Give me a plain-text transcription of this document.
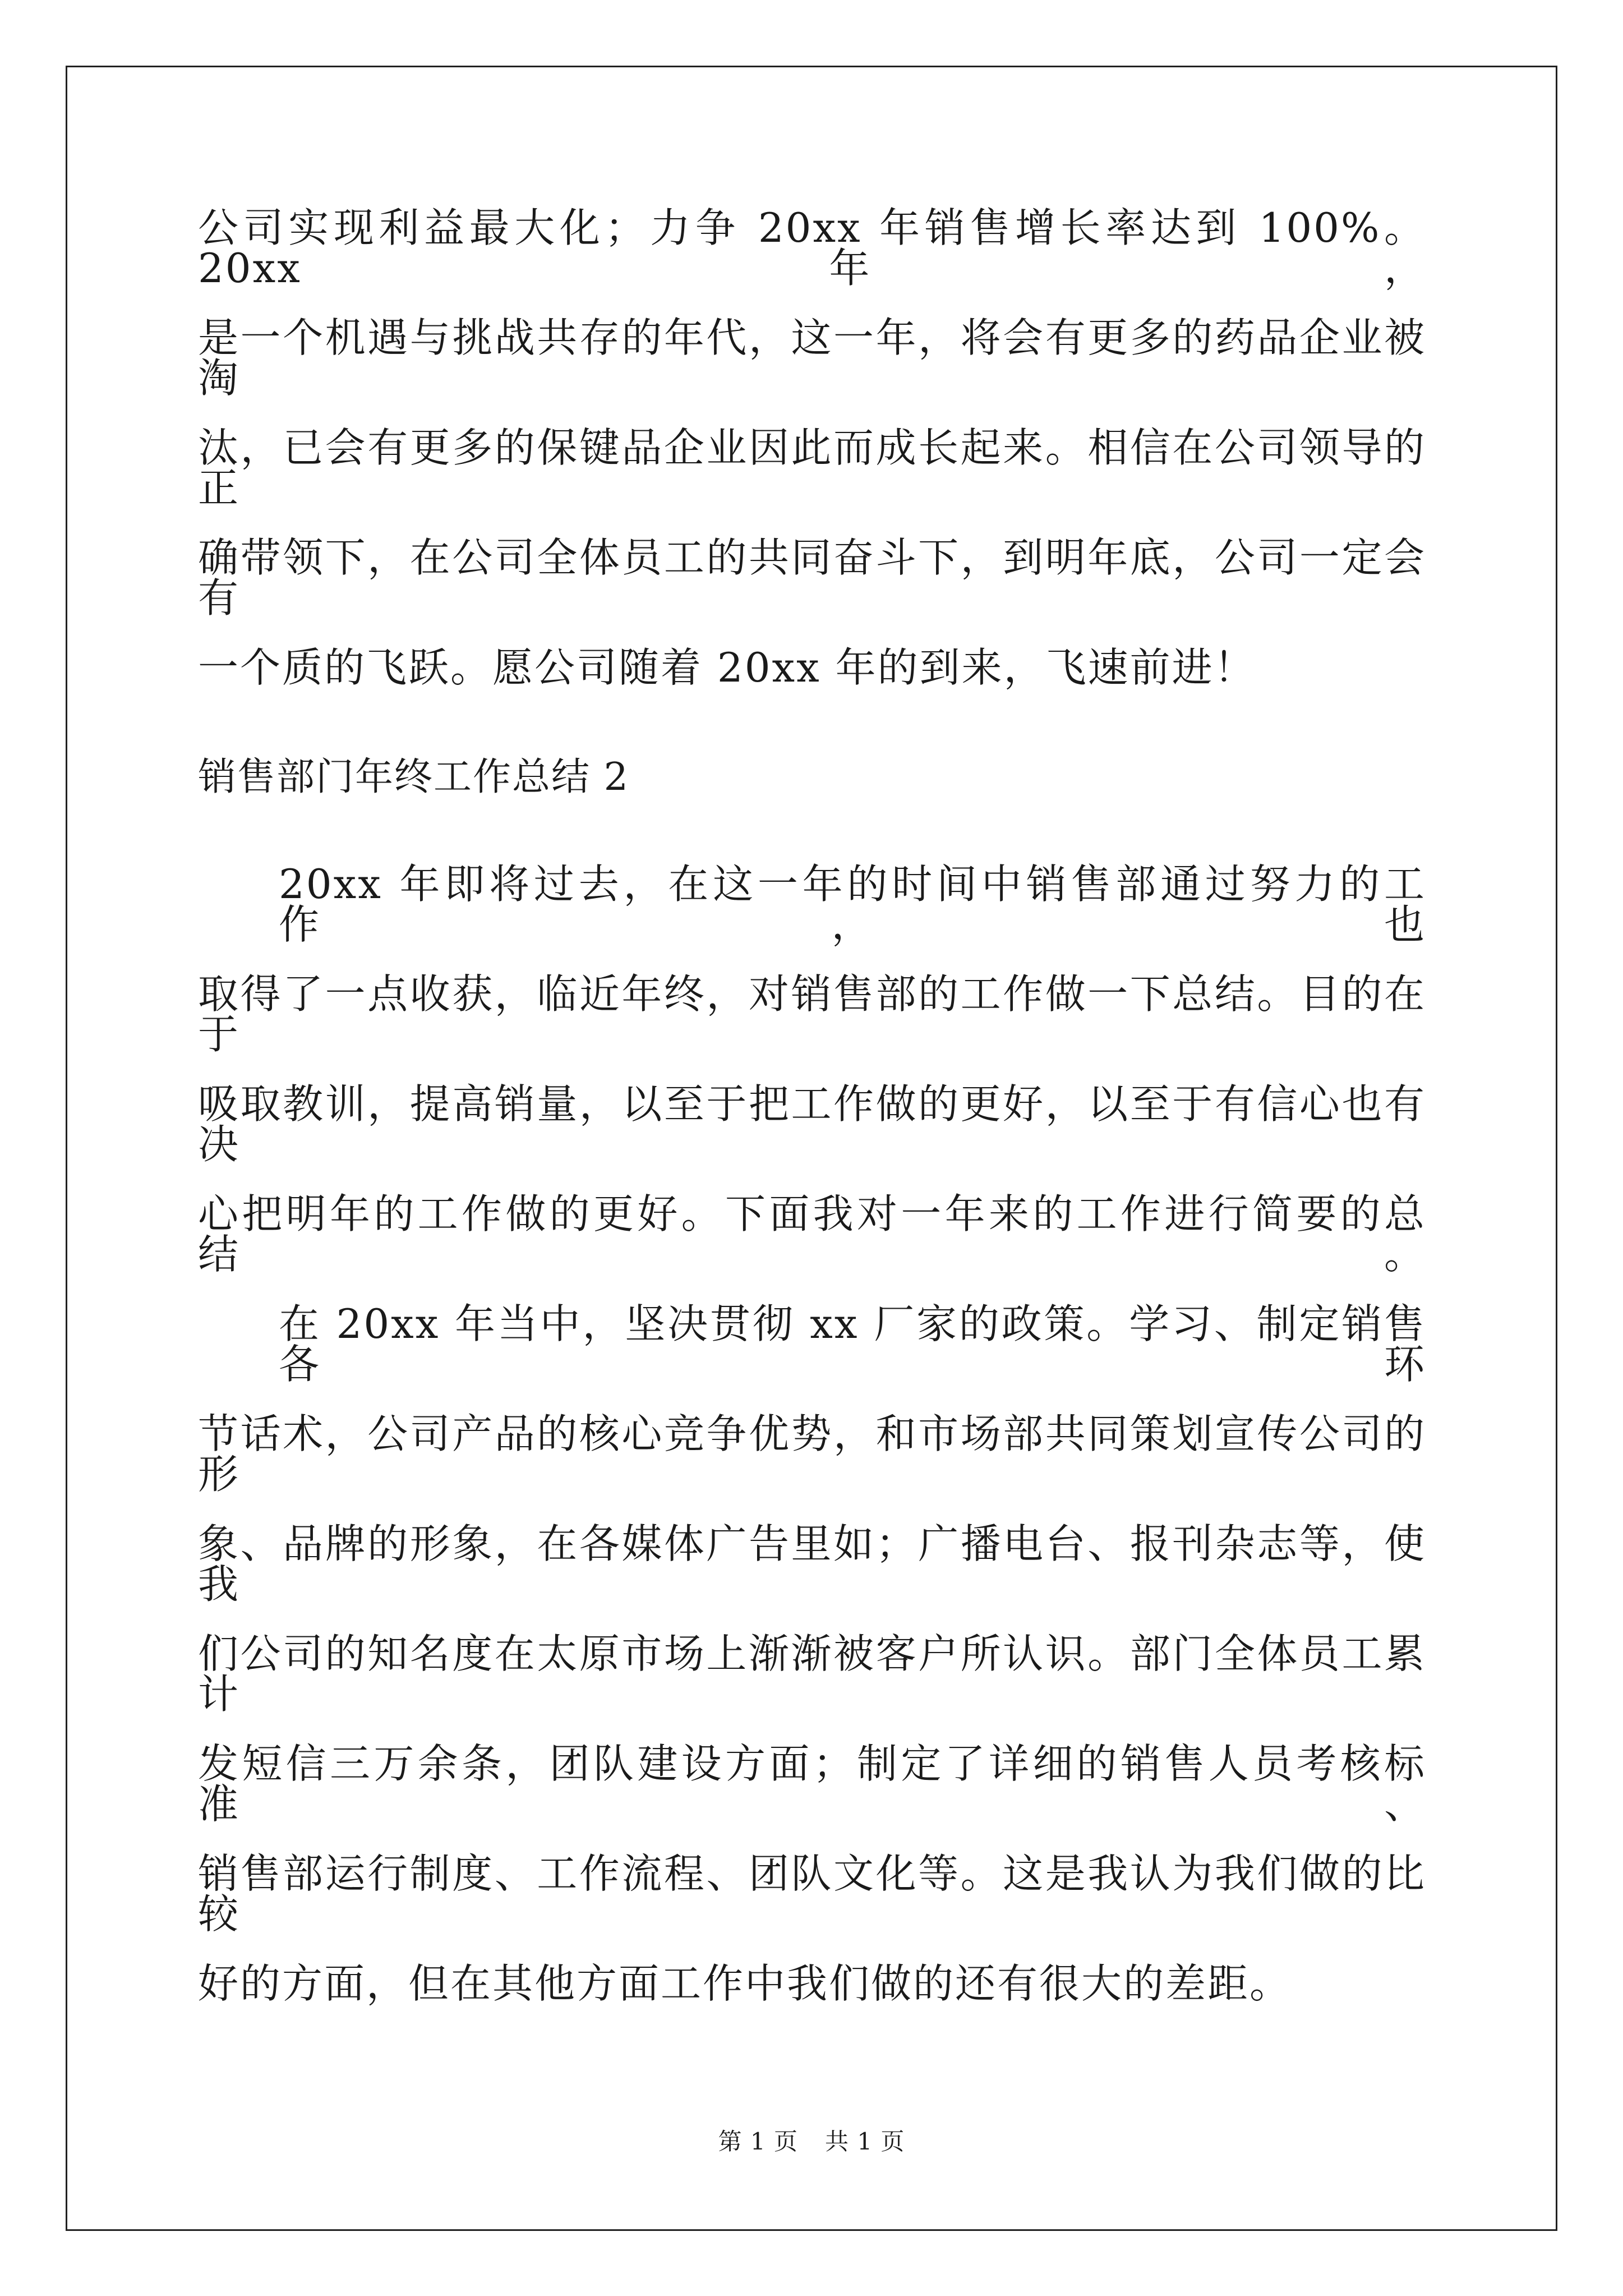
公司实现利益最大化；力争 20xx 年销售增长率达到 100%。20xx 年，
是一个机遇与挑战共存的年代，这一年，将会有更多的药品企业被淘
汰，已会有更多的保键品企业因此而成长起来。相信在公司领导的正
确带领下，在公司全体员工的共同奋斗下，到明年底，公司一定会有
一个质的飞跃。愿公司随着 20xx 年的到来，飞速前进！
销售部门年终工作总结 2
20xx 年即将过去，在这一年的时间中销售部通过努力的工作，也
取得了一点收获，临近年终，对销售部的工作做一下总结。目的在于
吸取教训，提高销量，以至于把工作做的更好，以至于有信心也有决
心把明年的工作做的更好。下面我对一年来的工作进行简要的总结。
在 20xx 年当中，坚决贯彻 xx 厂家的政策。学习、制定销售各环
节话术，公司产品的核心竞争优势，和市场部共同策划宣传公司的形
象、品牌的形象，在各媒体广告里如；广播电台、报刊杂志等，使我
们公司的知名度在太原市场上渐渐被客户所认识。部门全体员工累计
发短信三万余条，团队建设方面；制定了详细的销售人员考核标准、
销售部运行制度、工作流程、团队文化等。这是我认为我们做的比较
好的方面，但在其他方面工作中我们做的还有很大的差距。
第 1 页 共 1 页
